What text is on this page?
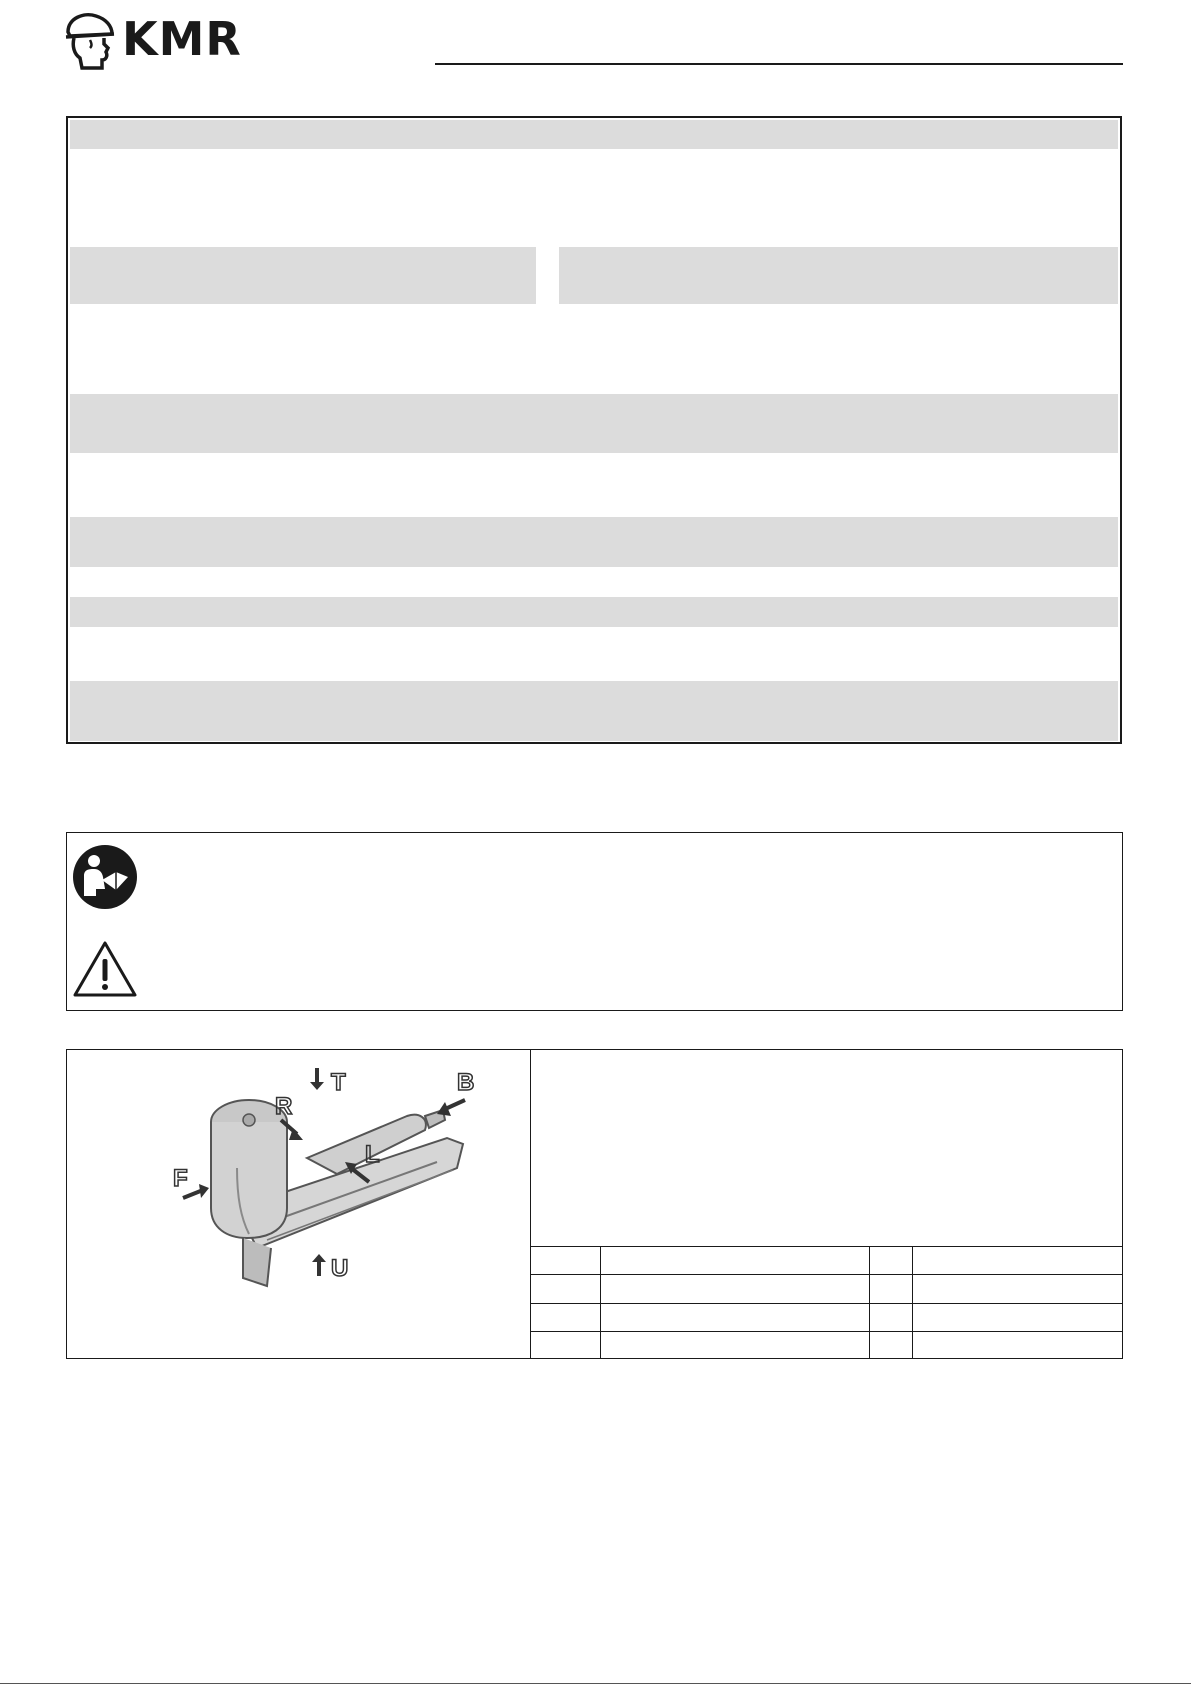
KMR
T	B
R
L
F
U
